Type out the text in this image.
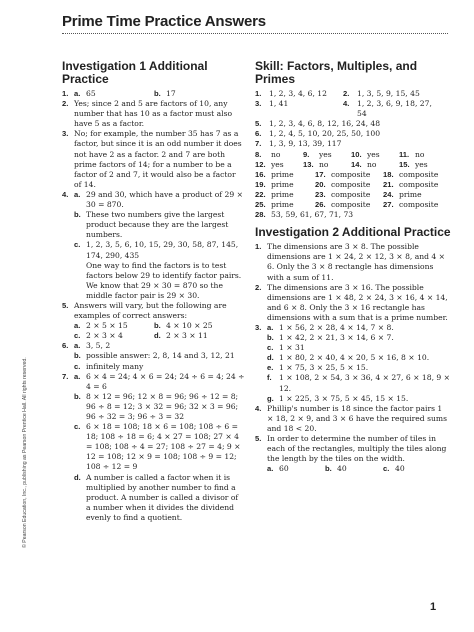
Prime Time Practice Answers
© Pearson Education, Inc., publishing as Pearson Prentice Hall. All rights reserved.
Investigation 1 Additional Practice
1. a. 65	b. 17
2. Yes; since 2 and 5 are factors of 10, any number that has 10 as a factor must also have 5 as a factor.
3. No; for example, the number 35 has 7 as a factor, but since it is an odd number it does not have 2 as a factor. 2 and 7 are both prime factors of 14; for a number to be a factor of 2 and 7, it would also be a factor of 14.
4. a. 29 and 30, which have a product of 29 × 30 = 870.
b. These two numbers give the largest product because they are the largest numbers.
c. 1, 2, 3, 5, 6, 10, 15, 29, 30, 58, 87, 145, 174, 290, 435
One way to find the factors is to test factors below 29 to identify factor pairs. We know that 29 × 30 = 870 so the middle factor pair is 29 × 30.
5. Answers will vary, but the following are examples of correct answers:
a. 2 × 5 × 15	b. 4 × 10 × 25
c. 2 × 3 × 4	d. 2 × 3 × 11
6. a. 3, 5, 2
b. possible answer: 2, 8, 14 and 3, 12, 21
c. infinitely many
7. a. 6 × 4 = 24; 4 × 6 = 24; 24 ÷ 6 = 4; 24 ÷ 4 = 6
b. 8 × 12 = 96; 12 × 8 = 96; 96 ÷ 12 = 8; 96 ÷ 8 = 12; 3 × 32 = 96; 32 × 3 = 96; 96 ÷ 32 = 3; 96 ÷ 3 = 32
c. 6 × 18 = 108; 18 × 6 = 108; 108 ÷ 6 = 18; 108 ÷ 18 = 6; 4 × 27 = 108; 27 × 4 = 108; 108 ÷ 4 = 27; 108 ÷ 27 = 4; 9 × 12 = 108; 12 × 9 = 108; 108 ÷ 9 = 12; 108 ÷ 12 = 9
d. A number is called a factor when it is multiplied by another number to find a product. A number is called a divisor of a number when it divides the dividend evenly to find a quotient.
Skill: Factors, Multiples, and Primes
1.	1, 2, 3, 4, 6, 12 2.	1, 3, 5, 9, 15, 45
3.	1, 41	4.	1, 2, 3, 6, 9, 18, 27, 54
5.	1, 2, 3, 4, 6, 8, 12, 16, 24, 48
6.	1, 2, 4, 5, 10, 20, 25, 50, 100
7.	1, 3, 9, 13, 39, 117
8.	no	9.	yes	10. yes	11. no
12. yes	13. no	14. no	15. yes
16. prime	17. composite 18. composite
19. prime	20. composite 21. composite
22. prime	23. composite 24. prime
25. prime	26. composite 27. composite
28. 53, 59, 61, 67, 71, 73
Investigation 2 Additional Practice
1. The dimensions are 3 × 8. The possible dimensions are 1 × 24, 2 × 12, 3 × 8, and 4 × 6. Only the 3 × 8 rectangle has dimensions with a sum of 11.
2. The dimensions are 3 × 16. The possible dimensions are 1 × 48, 2 × 24, 3 × 16, 4 × 14, and 6 × 8. Only the 3 × 16 rectangle has dimensions with a sum that is a prime number.
3. a. 1 × 56, 2 × 28, 4 × 14, 7 × 8.
b. 1 × 42, 2 × 21, 3 × 14, 6 × 7.
c. 1 × 31
d. 1 × 80, 2 × 40, 4 × 20, 5 × 16, 8 × 10.
e. 1 × 75, 3 × 25, 5 × 15.
f. 1 × 108, 2 × 54, 3 × 36, 4 × 27, 6 × 18, 9 × 12.
g. 1 × 225, 3 × 75, 5 × 45, 15 × 15.
4. Phillip's number is 18 since the factor pairs 1 × 18, 2 × 9, and 3 × 6 have the required sums and 18 < 20.
5. In order to determine the number of tiles in each of the rectangles, multiply the tiles along the length by the tiles on the width.
a. 60	b. 40	c. 40
1
